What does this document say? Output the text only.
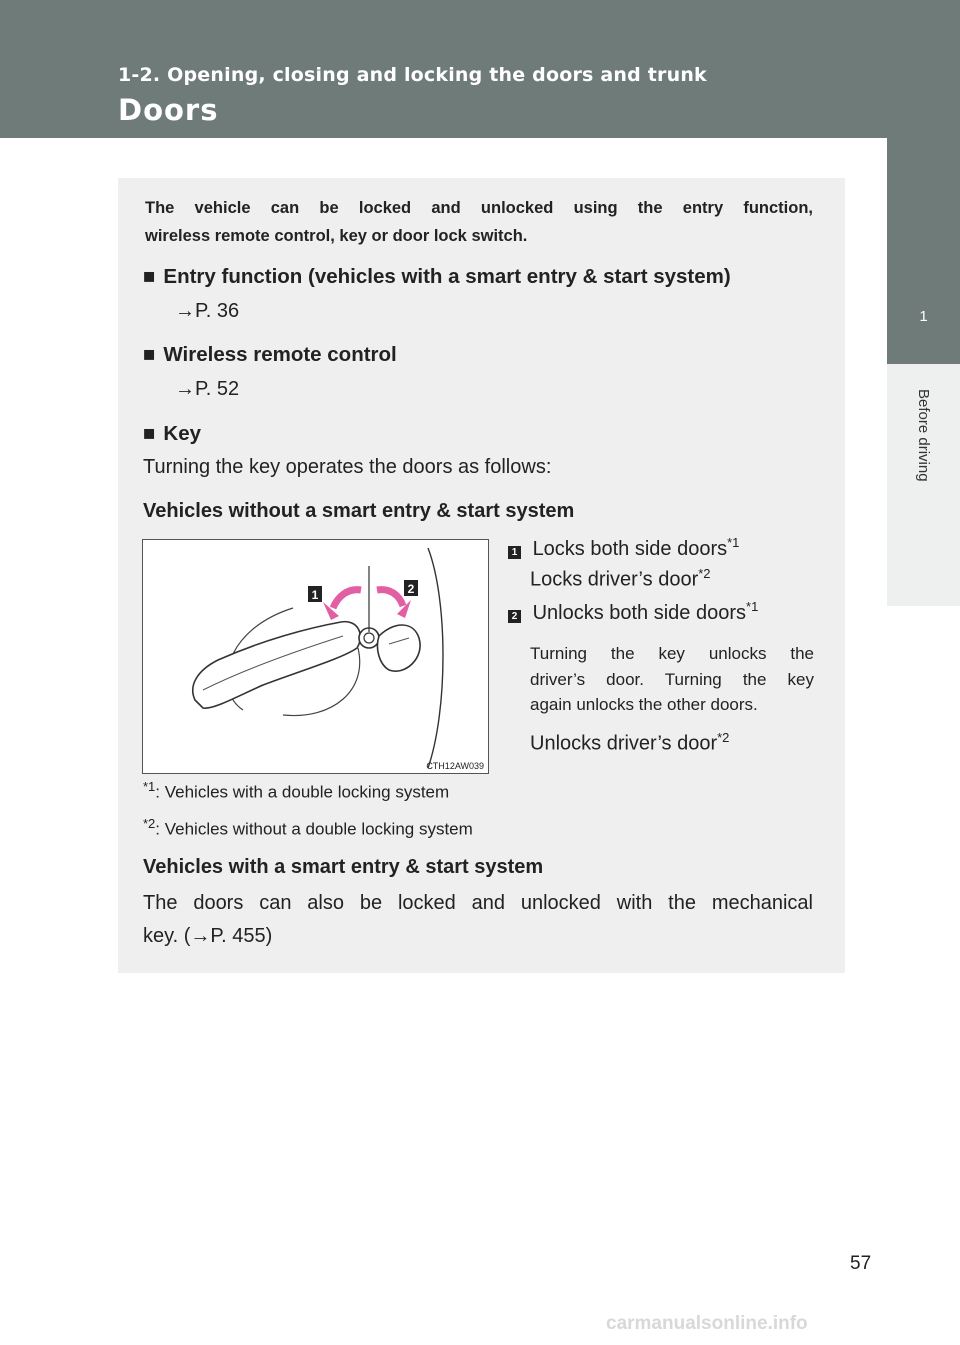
1-2. Opening, closing and locking the doors and trunk
Doors
1
Before driving
The vehicle can be locked and unlocked using the entry function,
wireless remote control, key or door lock switch.
■ Entry function (vehicles with a smart entry & start system)
→P. 36
■ Wireless remote control
→P. 52
■ Key
Turning the key operates the doors as follows:
Vehicles without a smart entry & start system
1 Locks both side doors$^{*1}$
Locks driver’s door$^{*2}$
2 Unlocks both side doors$^{*1}$
Turning the key unlocks the
driver’s door. Turning the key
again unlocks the other doors.
Unlocks driver’s door$^{*2}$
1	2
CTH12AW039
$^{*1}$: Vehicles with a double locking system
$^{*2}$: Vehicles without a double locking system
Vehicles with a smart entry & start system
The doors can also be locked and unlocked with the mechanical
key. (→P. 455)
57
carmanualsonline.info
